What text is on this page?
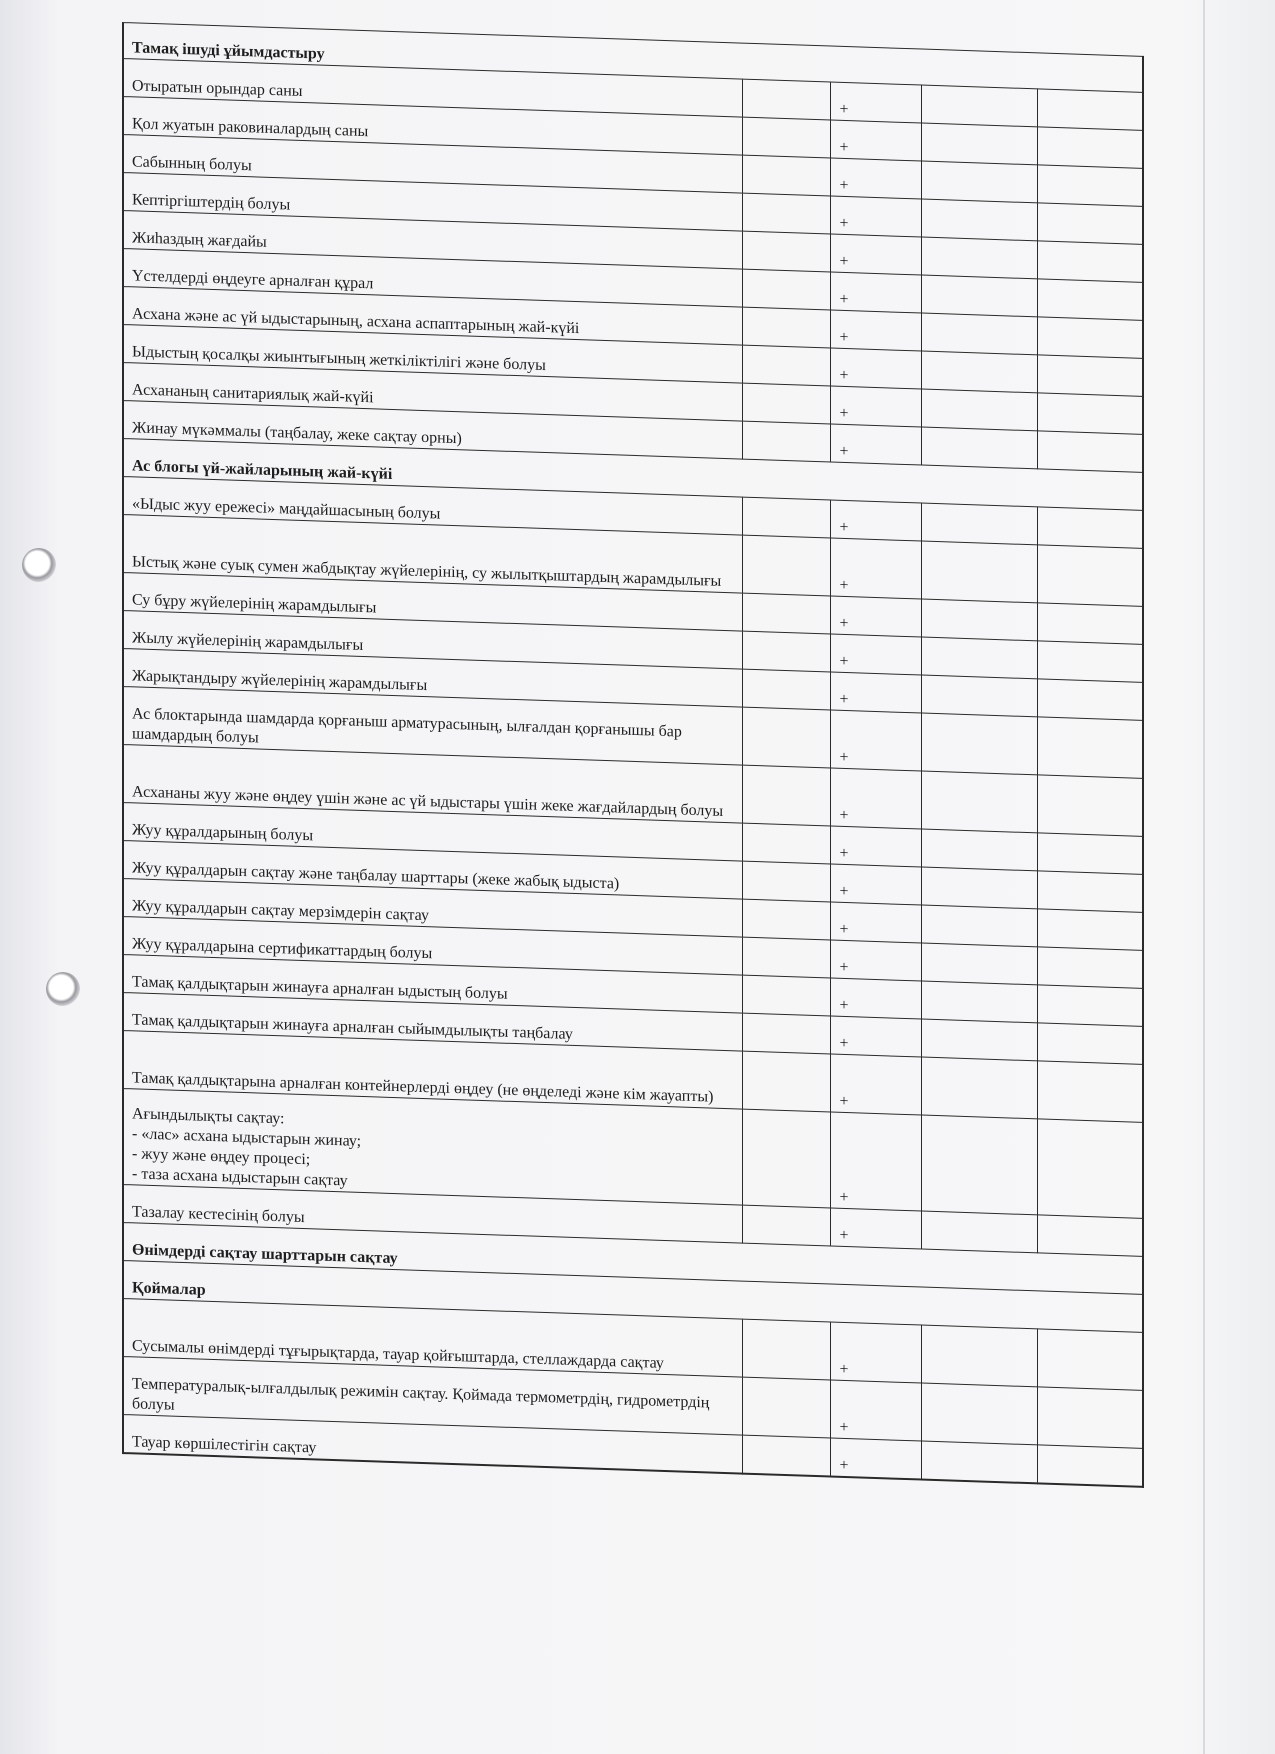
Тамақ ішуді ұйымдастыру				
Отыратын орындар саны		+		
Қол жуатын раковиналардың саны		+		
Сабынның болуы		+		
Кептіргіштердің болуы		+		
Жиһаздың жағдайы		+		
Үстелдерді өңдеуге арналған құрал		+		
Асхана және ас үй ыдыстарының, асхана аспаптарының жай-күйі		+		
Ыдыстың қосалқы жиынтығының жеткіліктілігі және болуы		+		
Асхананың санитариялық жай-күйі		+		
Жинау мүкәммалы (таңбалау, жеке сақтау орны)		+		
Ас блогы үй-жайларының жай-күйі				
«Ыдыс жуу ережесі» маңдайшасының болуы		+		
Ыстық және суық сумен жабдықтау жүйелерінің, су жылытқыштардың жарамдылығы		+		
Су бұру жүйелерінің жарамдылығы		+		
Жылу жүйелерінің жарамдылығы		+		
Жарықтандыру жүйелерінің жарамдылығы		+		
Ас блоктарында шамдарда қорғаныш арматурасының, ылғалдан қорғанышы бар шамдардың болуы		+		
Асхананы жуу және өңдеу үшін және ас үй ыдыстары үшін жеке жағдайлардың болуы		+		
Жуу құралдарының болуы		+		
Жуу құралдарын сақтау және таңбалау шарттары (жеке жабық ыдыста)		+		
Жуу құралдарын сақтау мерзімдерін сақтау		+		
Жуу құралдарына сертификаттардың болуы		+		
Тамақ қалдықтарын жинауға арналған ыдыстың болуы		+		
Тамақ қалдықтарын жинауға арналған сыйымдылықты таңбалау		+		
Тамақ қалдықтарына арналған контейнерлерді өңдеу (не өңделеді және кім жауапты)		+		
Ағындылықты сақтау:
- «лас» асхана ыдыстарын жинау;
- жуу және өңдеу процесі;
- таза асхана ыдыстарын сақтау		+		
Тазалау кестесінің болуы		+		
Өнімдерді сақтау шарттарын сақтау				
Қоймалар				
Сусымалы өнімдерді тұғырықтарда, тауар қойғыштарда, стеллаждарда сақтау		+		
Температуралық-ылғалдылық режимін сақтау. Қоймада термометрдің, гидрометрдің болуы		+		
Тауар көршілестігін сақтау		+		
